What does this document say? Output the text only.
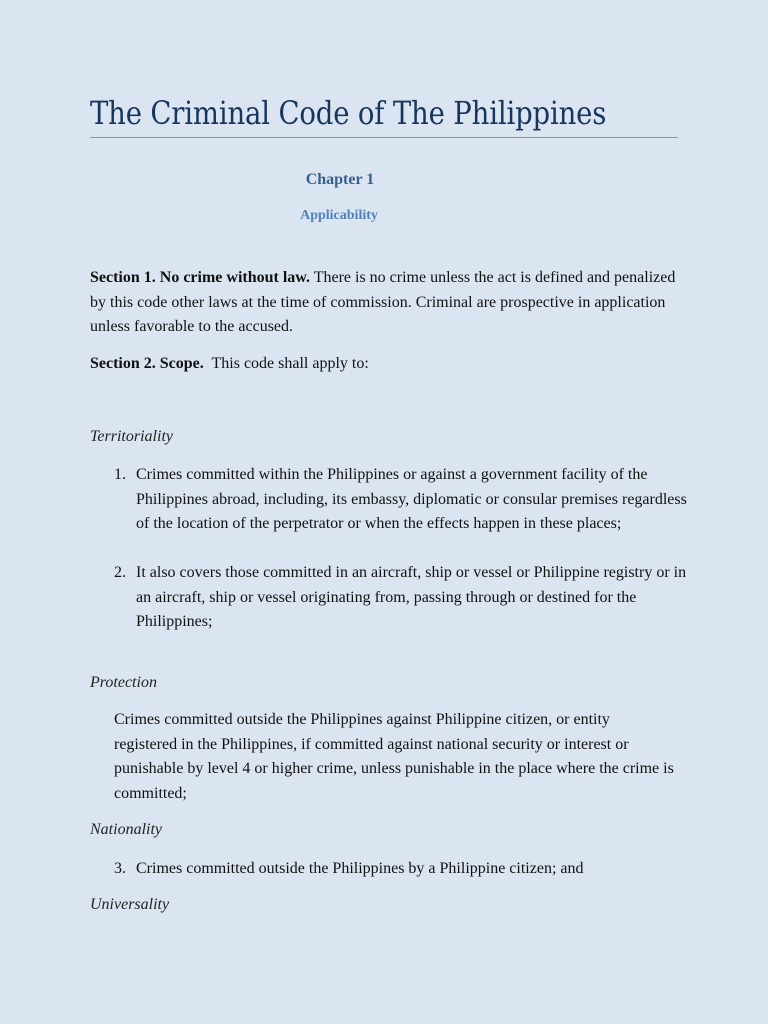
The Criminal Code of The Philippines
Chapter 1
Applicability
Section 1. No crime without law. There is no crime unless the act is defined and penalized by this code other laws at the time of commission. Criminal are prospective in application unless favorable to the accused.
Section 2. Scope.  This code shall apply to:
Territoriality
1. Crimes committed within the Philippines or against a government facility of the Philippines abroad, including, its embassy, diplomatic or consular premises regardless of the location of the perpetrator or when the effects happen in these places;
2. It also covers those committed in an aircraft, ship or vessel or Philippine registry or in an aircraft, ship or vessel originating from, passing through or destined for the Philippines;
Protection
Crimes committed outside the Philippines against Philippine citizen, or entity registered in the Philippines, if committed against national security or interest or punishable by level 4 or higher crime, unless punishable in the place where the crime is committed;
Nationality
3. Crimes committed outside the Philippines by a Philippine citizen; and
Universality
